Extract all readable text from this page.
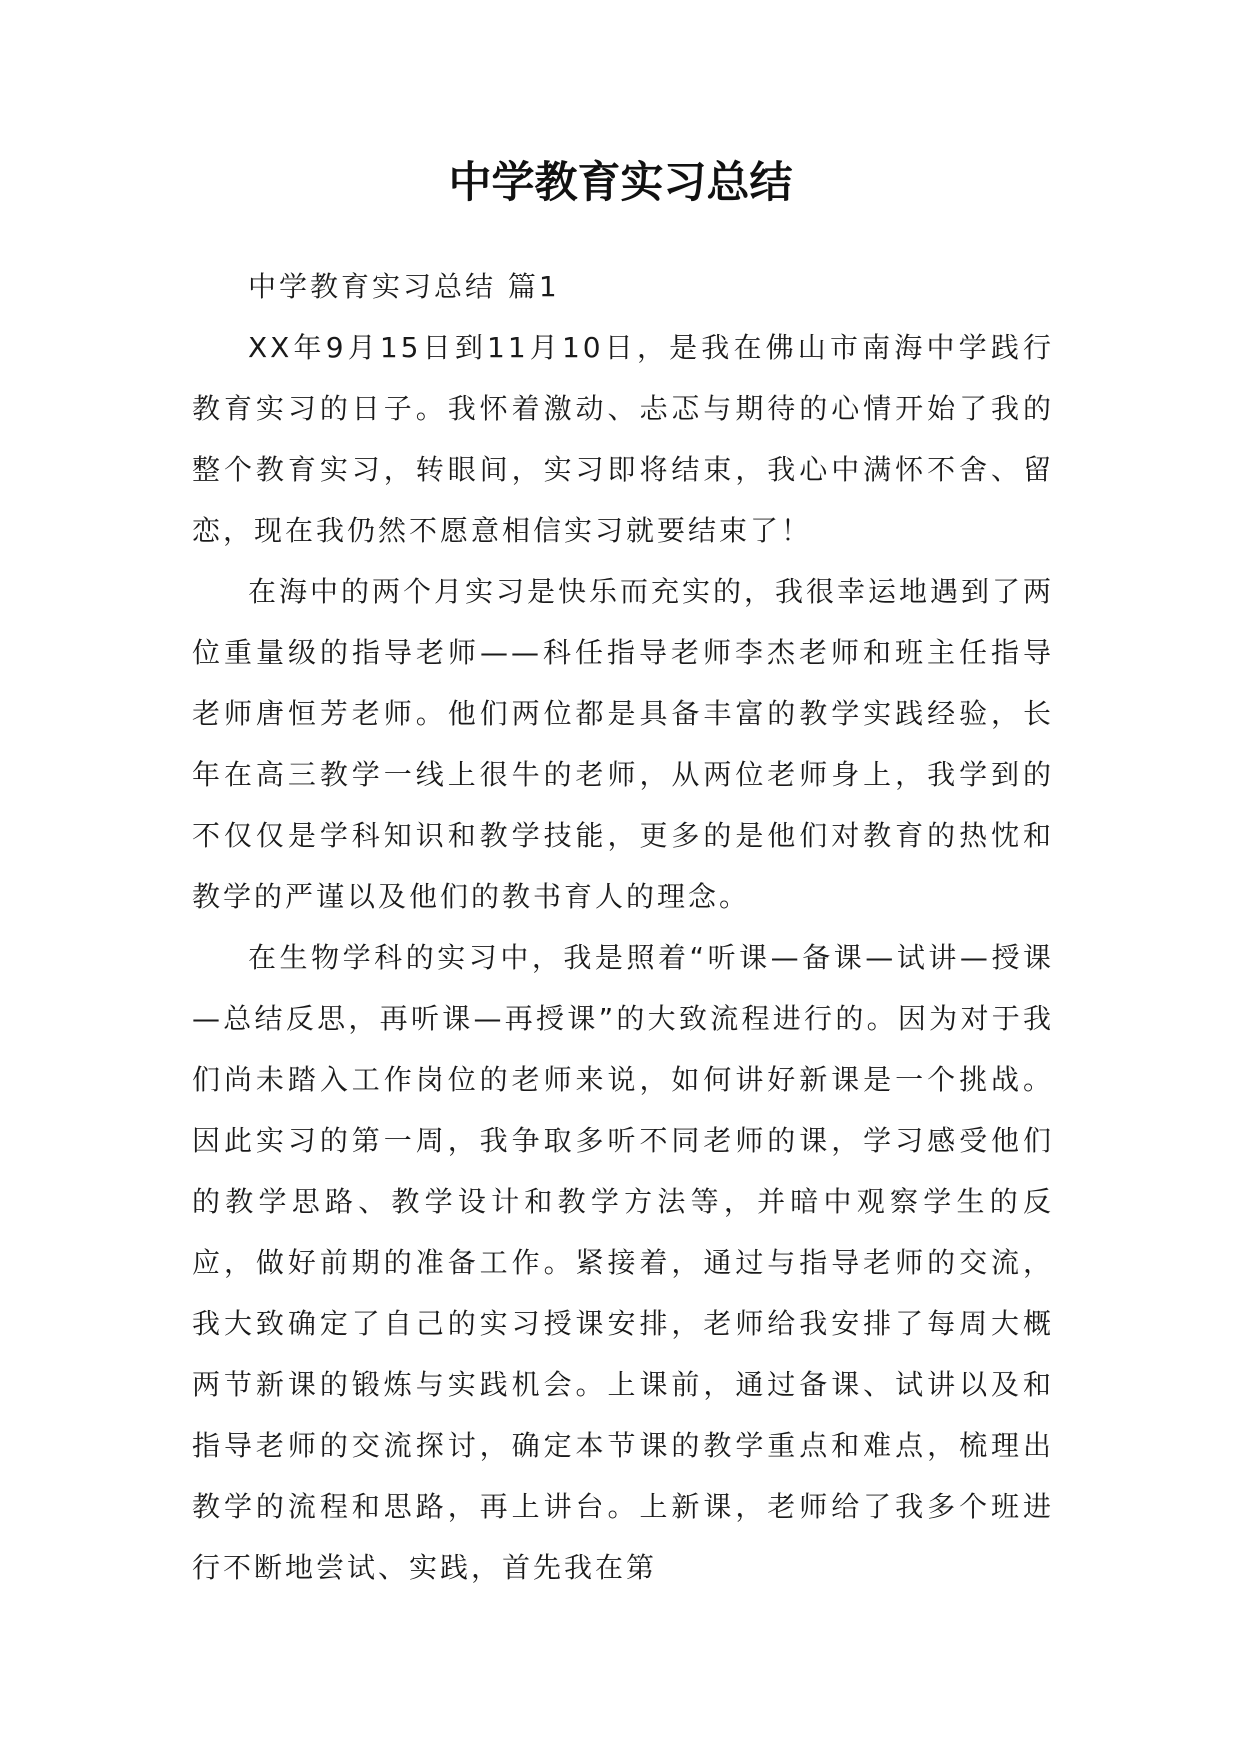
中学教育实习总结

中学教育实习总结 篇1

XX年9月15日到11月10日，是我在佛山市南海中学践行教育实习的日子。我怀着激动、忐忑与期待的心情开始了我的整个教育实习，转眼间，实习即将结束，我心中满怀不舍、留恋，现在我仍然不愿意相信实习就要结束了！

在海中的两个月实习是快乐而充实的，我很幸运地遇到了两位重量级的指导老师——科任指导老师李杰老师和班主任指导老师唐恒芳老师。他们两位都是具备丰富的教学实践经验，长年在高三教学一线上很牛的老师，从两位老师身上，我学到的不仅仅是学科知识和教学技能，更多的是他们对教育的热忱和教学的严谨以及他们的教书育人的理念。

在生物学科的实习中，我是照着“听课—备课—试讲—授课—总结反思，再听课—再授课”的大致流程进行的。因为对于我们尚未踏入工作岗位的老师来说，如何讲好新课是一个挑战。因此实习的第一周，我争取多听不同老师的课，学习感受他们的教学思路、教学设计和教学方法等，并暗中观察学生的反应，做好前期的准备工作。紧接着，通过与指导老师的交流，我大致确定了自己的实习授课安排，老师给我安排了每周大概两节新课的锻炼与实践机会。上课前，通过备课、试讲以及和指导老师的交流探讨，确定本节课的教学重点和难点，梳理出教学的流程和思路，再上讲台。上新课，老师给了我多个班进行不断地尝试、实践，首先我在第
